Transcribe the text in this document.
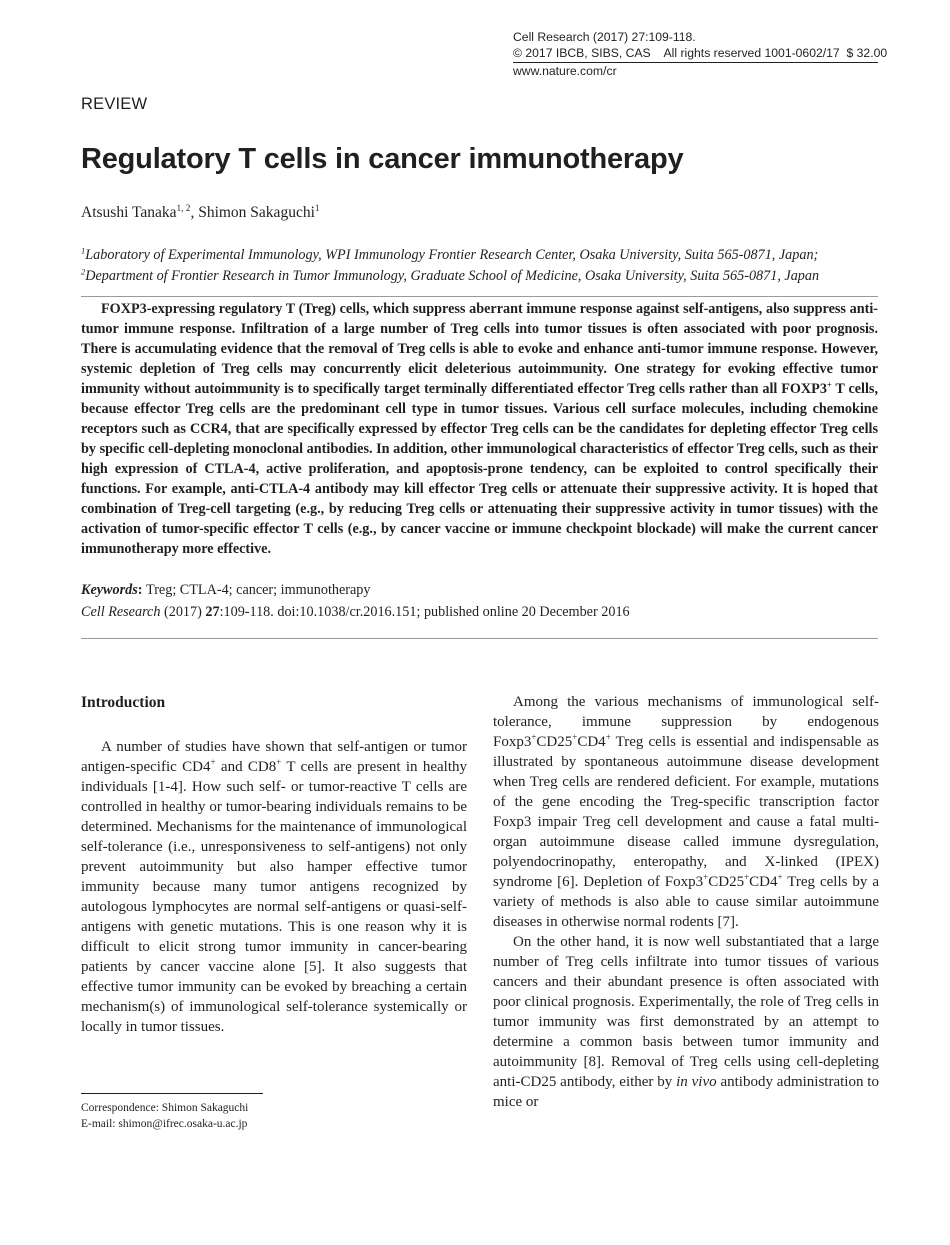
Cell Research (2017) 27:109-118.
© 2017 IBCB, SIBS, CAS    All rights reserved 1001-0602/17  $ 32.00
www.nature.com/cr
REVIEW
Regulatory T cells in cancer immunotherapy
Atsushi Tanaka$^{1, 2}$, Shimon Sakaguchi$^1$
$^1$Laboratory of Experimental Immunology, WPI Immunology Frontier Research Center, Osaka University, Suita 565-0871, Japan;
$^2$Department of Frontier Research in Tumor Immunology, Graduate School of Medicine, Osaka University, Suita 565-0871, Japan

FOXP3-expressing regulatory T (Treg) cells, which suppress aberrant immune response against self-antigens, also suppress anti-tumor immune response. Infiltration of a large number of Treg cells into tumor tissues is often associated with poor prognosis. There is accumulating evidence that the removal of Treg cells is able to evoke and enhance anti-tumor immune response. However, systemic depletion of Treg cells may concurrently elicit deleterious autoimmunity. One strategy for evoking effective tumor immunity without autoimmunity is to specifically target terminally differentiated effector Treg cells rather than all FOXP3+ T cells, because effector Treg cells are the predominant cell type in tumor tissues. Various cell surface molecules, including chemokine receptors such as CCR4, that are specifically expressed by effector Treg cells can be the candidates for depleting effector Treg cells by specific cell-depleting monoclonal antibodies. In addition, other immunological characteristics of effector Treg cells, such as their high expression of CTLA-4, active proliferation, and apoptosis-prone tendency, can be exploited to control specifically their functions. For example, anti-CTLA-4 antibody may kill effector Treg cells or attenuate their suppressive activity. It is hoped that combination of Treg-cell targeting (e.g., by reducing Treg cells or attenuating their suppressive activity in tumor tissues) with the activation of tumor-specific effector T cells (e.g., by cancer vaccine or immune checkpoint blockade) will make the current cancer immunotherapy more effective.

Keywords: Treg; CTLA-4; cancer; immunotherapy
Cell Research (2017) 27:109-118. doi:10.1038/cr.2016.151; published online 20 December 2016
Introduction

A number of studies have shown that self-antigen or tumor antigen-specific CD4+ and CD8+ T cells are present in healthy individuals [1-4]. How such self- or tumor-reactive T cells are controlled in healthy or tumor-bearing individuals remains to be determined. Mechanisms for the maintenance of immunological self-tolerance (i.e., unresponsiveness to self-antigens) not only prevent autoimmunity but also hamper effective tumor immunity because many tumor antigens recognized by autologous lymphocytes are normal self-antigens or quasi-self-antigens with genetic mutations. This is one reason why it is difficult to elicit strong tumor immunity in cancer-bearing patients by cancer vaccine alone [5]. It also suggests that effective tumor immunity can be evoked by breaching a certain mechanism(s) of immunological self-tolerance systemically or locally in tumor tissues.

Among the various mechanisms of immunological self-tolerance, immune suppression by endogenous Foxp3+CD25+CD4+ Treg cells is essential and indispensable as illustrated by spontaneous autoimmune disease development when Treg cells are rendered deficient. For example, mutations of the gene encoding the Treg-specific transcription factor Foxp3 impair Treg cell development and cause a fatal multi-organ autoimmune disease called immune dysregulation, polyendocrinopathy, enteropathy, and X-linked (IPEX) syndrome [6]. Depletion of Foxp3+CD25+CD4+ Treg cells by a variety of methods is also able to cause similar autoimmune diseases in otherwise normal rodents [7].

On the other hand, it is now well substantiated that a large number of Treg cells infiltrate into tumor tissues of various cancers and their abundant presence is often associated with poor clinical prognosis. Experimentally, the role of Treg cells in tumor immunity was first demonstrated by an attempt to determine a common basis between tumor immunity and autoimmunity [8]. Removal of Treg cells using cell-depleting anti-CD25 antibody, either by in vivo antibody administration to mice or

Correspondence: Shimon Sakaguchi
E-mail: shimon@ifrec.osaka-u.ac.jp
